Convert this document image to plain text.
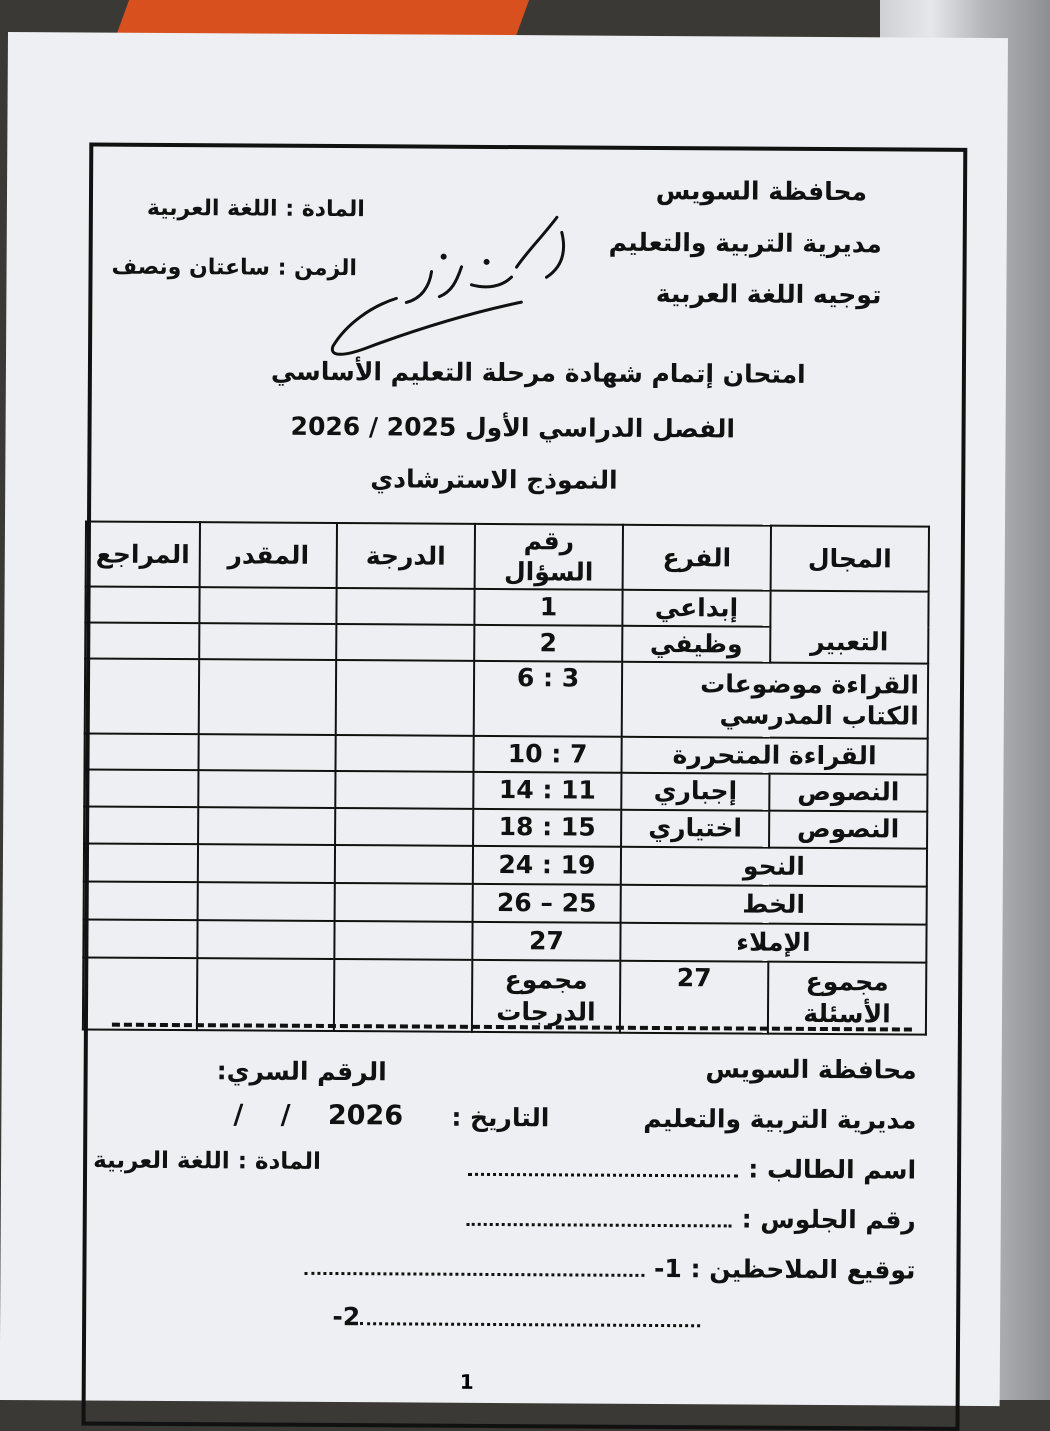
محافظة السويس
مديرية التربية والتعليم
توجيه اللغة العربية
المادة : اللغة العربية
الزمن : ساعتان ونصف
امتحان إتمام شهادة مرحلة التعليم الأساسي
الفصل الدراسي الأول 2025 / 2026
النموذج الاسترشادي
المجال	الفرع	رقم السؤال	الدرجة	المقدر	المراجع
التعبير	إبداعي	1			
	وظيفي	2			
القراءة موضوعات الكتاب المدرسي		3 : 6			
القراءة المتحررة		7 : 10			
النصوص	إجباري	11 : 14			
النصوص	اختياري	15 : 18			
النحو		19 : 24			
الخط		25 – 26			
الإملاء		27			
مجموع الأسئلة	27	مجموع الدرجات			
محافظة السويس
مديرية التربية والتعليم
الرقم السري:
التاريخ :
/ / 2026
اسم الطالب :
المادة : اللغة العربية
رقم الجلوس :
توقيع الملاحظين : 1-
-2
1
